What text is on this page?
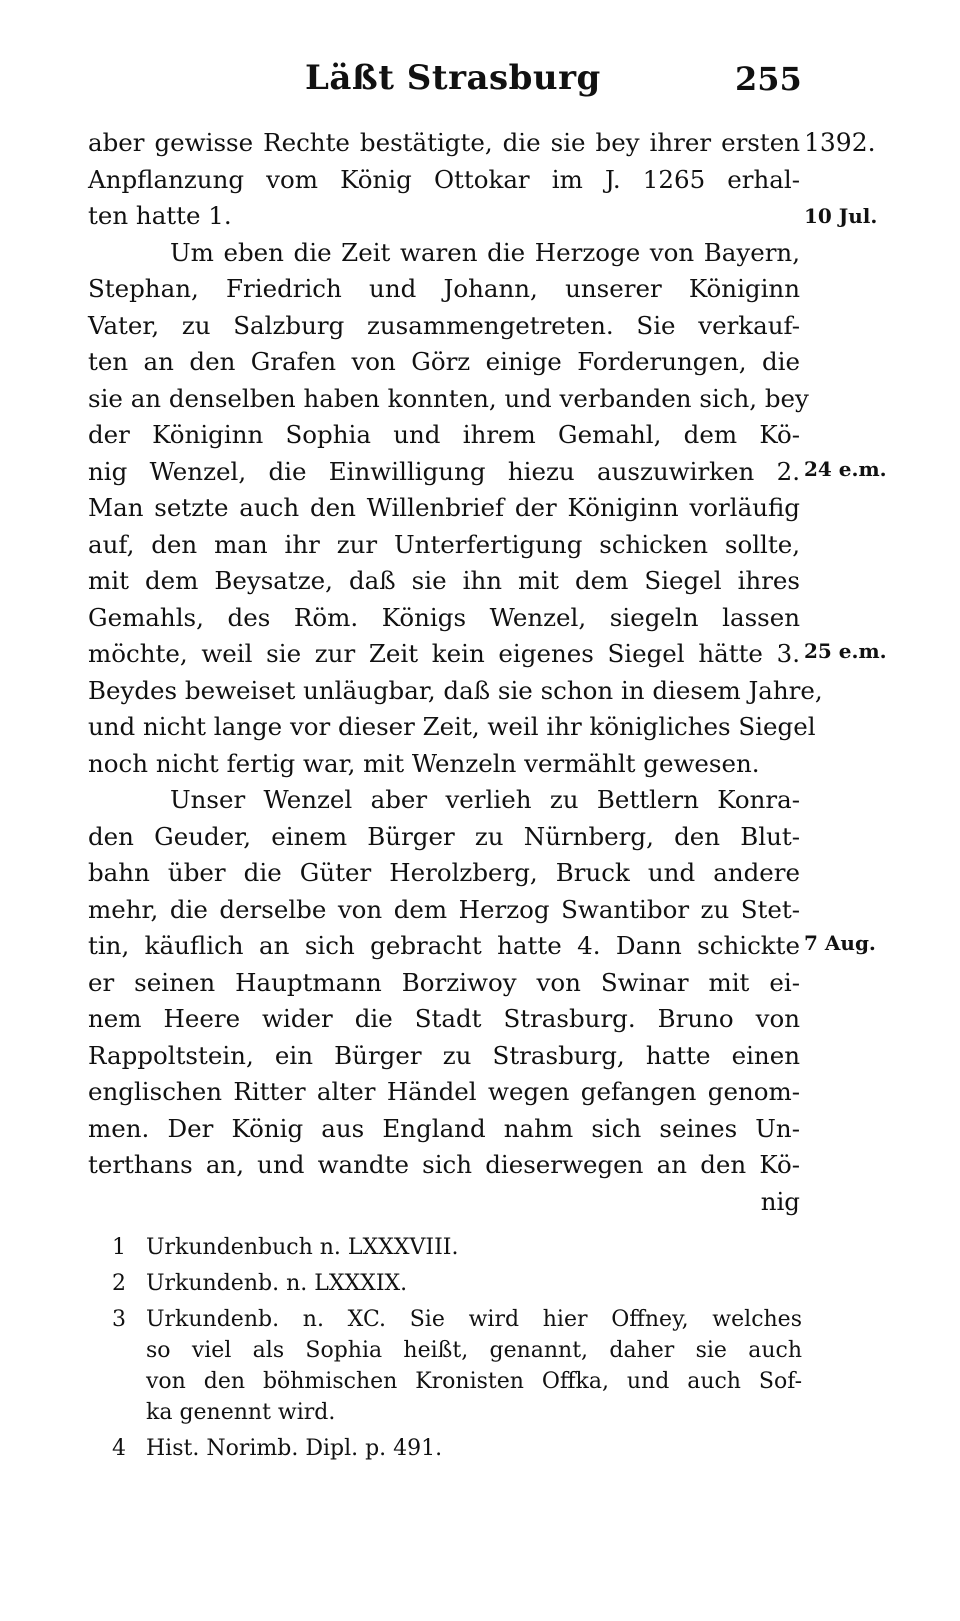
Läßt Strasburg	255
aber gewisse Rechte bestätigte, die sie bey ihrer ersten
Anpflanzung vom König Ottokar im J. 1265 erhal-
ten hatte 1.
Um eben die Zeit waren die Herzoge von Bayern,
Stephan, Friedrich und Johann, unserer Königinn
Vater, zu Salzburg zusammengetreten. Sie verkauf-
ten an den Grafen von Görz einige Forderungen, die
sie an denselben haben konnten, und verbanden sich, bey
der Königinn Sophia und ihrem Gemahl, dem Kö-
nig Wenzel, die Einwilligung hiezu auszuwirken 2.
Man setzte auch den Willenbrief der Königinn vorläufig
auf, den man ihr zur Unterfertigung schicken sollte,
mit dem Beysatze, daß sie ihn mit dem Siegel ihres
Gemahls, des Röm. Königs Wenzel, siegeln lassen
möchte, weil sie zur Zeit kein eigenes Siegel hätte 3.
Beydes beweiset unläugbar, daß sie schon in diesem Jahre,
und nicht lange vor dieser Zeit, weil ihr königliches Siegel
noch nicht fertig war, mit Wenzeln vermählt gewesen.
Unser Wenzel aber verlieh zu Bettlern Konra-
den Geuder, einem Bürger zu Nürnberg, den Blut-
bahn über die Güter Herolzberg, Bruck und andere
mehr, die derselbe von dem Herzog Swantibor zu Stet-
tin, käuflich an sich gebracht hatte 4. Dann schickte
er seinen Hauptmann Borziwoy von Swinar mit ei-
nem Heere wider die Stadt Strasburg. Bruno von
Rappoltstein, ein Bürger zu Strasburg, hatte einen
englischen Ritter alter Händel wegen gefangen genom-
men. Der König aus England nahm sich seines Un-
terthans an, und wandte sich dieserwegen an den Kö-
nig
1392.
10 Jul.
24 e.m.
25 e.m.
7 Aug.
1 Urkundenbuch n. LXXXVIII.
2 Urkundenb. n. LXXXIX.
3 Urkundenb. n. XC. Sie wird hier Offney, welches
so viel als Sophia heißt, genannt, daher sie auch
von den böhmischen Kronisten Offka, und auch Sof-
ka genennt wird.
4 Hist. Norimb. Dipl. p. 491.
